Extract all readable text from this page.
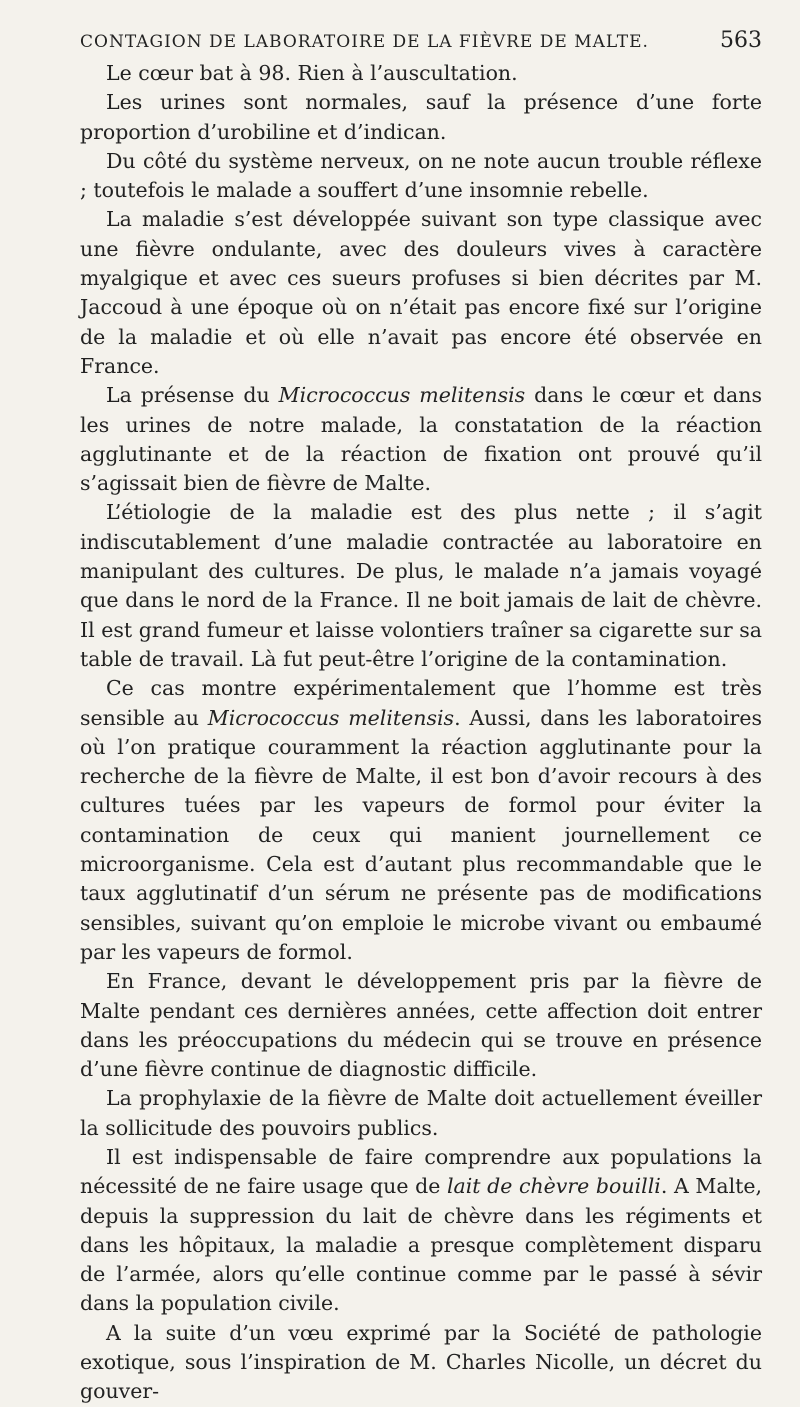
CONTAGION DE LABORATOIRE DE LA FIÈVRE DE MALTE.	563

Le cœur bat à 98. Rien à l’auscultation.

Les urines sont normales, sauf la présence d’une forte proportion d’urobiline et d’indican.

Du côté du système nerveux, on ne note aucun trouble réflexe ; toutefois le malade a souffert d’une insomnie rebelle.

La maladie s’est développée suivant son type classique avec une fièvre ondulante, avec des douleurs vives à caractère myalgique et avec ces sueurs profuses si bien décrites par M. Jaccoud à une époque où on n’était pas encore fixé sur l’origine de la maladie et où elle n’avait pas encore été observée en France.

La présense du Micrococcus melitensis dans le cœur et dans les urines de notre malade, la constatation de la réaction agglutinante et de la réaction de fixation ont prouvé qu’il s’agissait bien de fièvre de Malte.

L’étiologie de la maladie est des plus nette ; il s’agit indiscutablement d’une maladie contractée au laboratoire en manipulant des cultures. De plus, le malade n’a jamais voyagé que dans le nord de la France. Il ne boit jamais de lait de chèvre. Il est grand fumeur et laisse volontiers traîner sa cigarette sur sa table de travail. Là fut peut-être l’origine de la contamination.

Ce cas montre expérimentalement que l’homme est très sensible au Micrococcus melitensis. Aussi, dans les laboratoires où l’on pratique couramment la réaction agglutinante pour la recherche de la fièvre de Malte, il est bon d’avoir recours à des cultures tuées par les vapeurs de formol pour éviter la contamination de ceux qui manient journellement ce microorganisme. Cela est d’autant plus recommandable que le taux agglutinatif d’un sérum ne présente pas de modifications sensibles, suivant qu’on emploie le microbe vivant ou embaumé par les vapeurs de formol.

En France, devant le développement pris par la fièvre de Malte pendant ces dernières années, cette affection doit entrer dans les préoccupations du médecin qui se trouve en présence d’une fièvre continue de diagnostic difficile.

La prophylaxie de la fièvre de Malte doit actuellement éveiller la sollicitude des pouvoirs publics.

Il est indispensable de faire comprendre aux populations la nécessité de ne faire usage que de lait de chèvre bouilli. A Malte, depuis la suppression du lait de chèvre dans les régiments et dans les hôpitaux, la maladie a presque complètement disparu de l’armée, alors qu’elle continue comme par le passé à sévir dans la population civile.

A la suite d’un vœu exprimé par la Société de pathologie exotique, sous l’inspiration de M. Charles Nicolle, un décret du gouver-
